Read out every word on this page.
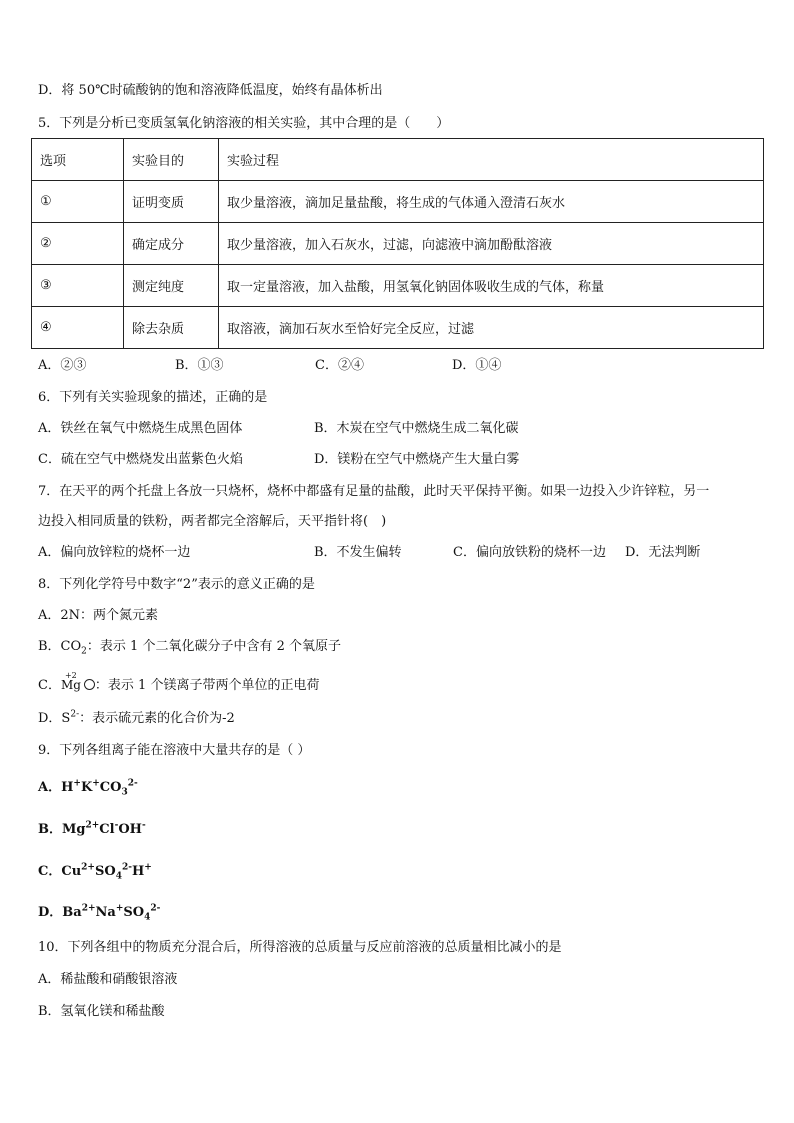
D．将 50℃时硫酸钠的饱和溶液降低温度，始终有晶体析出
5．下列是分析已变质氢氧化钠溶液的相关实验，其中合理的是（　　）
选项	实验目的	实验过程
①	证明变质	取少量溶液，滴加足量盐酸，将生成的气体通入澄清石灰水
②	确定成分	取少量溶液，加入石灰水，过滤，向滤液中滴加酚酞溶液
③	测定纯度	取一定量溶液，加入盐酸，用氢氧化钠固体吸收生成的气体，称量
④	除去杂质	取溶液，滴加石灰水至恰好完全反应，过滤
A．②③	B．①③	C．②④	D．①④
6．下列有关实验现象的描述，正确的是
A．铁丝在氧气中燃烧生成黑色固体	B．木炭在空气中燃烧生成二氧化碳
C．硫在空气中燃烧发出蓝紫色火焰	D．镁粉在空气中燃烧产生大量白雾
7．在天平的两个托盘上各放一只烧杯，烧杯中都盛有足量的盐酸，此时天平保持平衡。如果一边投入少许锌粒，另一
边投入相同质量的铁粉，两者都完全溶解后，天平指针将(　)
A．偏向放锌粒的烧杯一边	B．不发生偏转	C．偏向放铁粉的烧杯一边 D．无法判断
8．下列化学符号中数字“2”表示的意义正确的是
A．2N：两个氮元素
B．$CO_2$：表示 1 个二氧化碳分子中含有 2 个氧原子
C．
+2
Mg ：表示 1 个镁离子带两个单位的正电荷
D．$S^{2-}$：表示硫元素的化合价为-2
9．下列各组离子能在溶液中大量共存的是（ ）
A．$H^+K^+CO_3^{2-}$
B．$Mg^{2+}Cl^-OH^-$
C．$Cu^{2+}SO_4^{2-}H^+$
D．$Ba^{2+}Na^+SO_4^{2-}$
10．下列各组中的物质充分混合后，所得溶液的总质量与反应前溶液的总质量相比减小的是
A．稀盐酸和硝酸银溶液
B．氢氧化镁和稀盐酸
